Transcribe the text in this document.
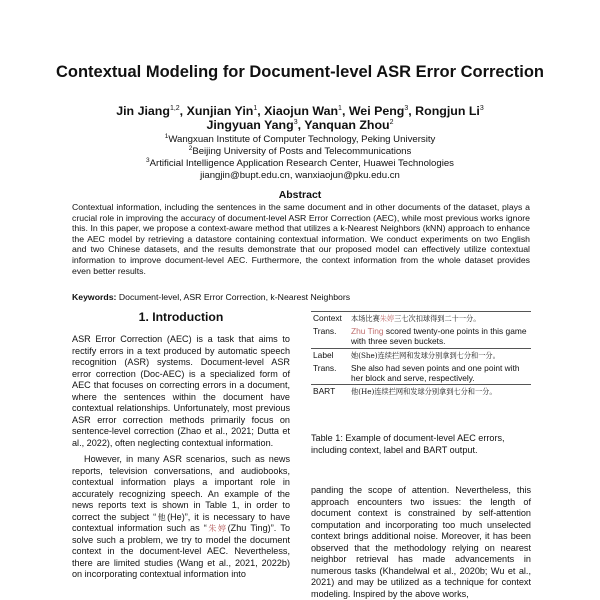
Contextual Modeling for Document-level ASR Error Correction
Jin Jiang$^{1,2}$, Xunjian Yin$^1$, Xiaojun Wan$^1$, Wei Peng$^3$, Rongjun Li$^3$
Jingyuan Yang$^3$, Yanquan Zhou$^2$
$^1$Wangxuan Institute of Computer Technology, Peking University
$^2$Beijing University of Posts and Telecommunications
$^3$Artificial Intelligence Application Research Center, Huawei Technologies
jiangjin@bupt.edu.cn, wanxiaojun@pku.edu.cn
Abstract
Contextual information, including the sentences in the same document and in other documents of the dataset, plays a crucial role in improving the accuracy of document-level ASR Error Correction (AEC), while most previous works ignore this. In this paper, we propose a context-aware method that utilizes a k-Nearest Neighbors (kNN) approach to enhance the AEC model by retrieving a datastore containing contextual information. We conduct experiments on two English and two Chinese datasets, and the results demonstrate that our proposed model can effectively utilize contextual information to improve document-level AEC. Furthermore, the context information from the whole dataset provides even better results.
Keywords: Document-level, ASR Error Correction, k-Nearest Neighbors
1. Introduction

ASR Error Correction (AEC) is a task that aims to rectify errors in a text produced by automatic speech recognition (ASR) systems. Document-level ASR error correction (Doc-AEC) is a specialized form of AEC that focuses on correcting errors in a document, where the sentences within the document have contextual relationships. Unfortunately, most previous ASR error correction methods primarily focus on sentence-level correction (Zhao et al., 2021; Dutta et al., 2022), often neglecting contextual information.

However, in many ASR scenarios, such as news reports, television conversations, and audiobooks, contextual information plays a important role in accurately recognizing speech. An example of the news reports text is shown in Table 1, in order to correct the subject “他(He)”, it is necessary to have contextual information such as “朱婷(Zhu Ting)”. To solve such a problem, we try to model the document context in the document-level AEC. Nevertheless, there are limited studies (Wang et al., 2021, 2022b) on incorporating contextual information into

Context	本场比赛朱婷三七次扣球得到二十一分。
Trans.	Zhu Ting scored twenty-one points in this game with three seven buckets.
Label	她(She)连续拦网和发球分别拿到七分和一分。
Trans.	She also had seven points and one point with her block and serve, respectively.
BART	他(He)连续拦网和发球分别拿到七分和一分。
Table 1: Example of document-level AEC errors, including context, label and BART output.

panding the scope of attention. Nevertheless, this approach encounters two issues: the length of document context is constrained by self-attention computation and incorporating too much unselected context brings additional noise. Moreover, it has been observed that the methodology relying on nearest neighbor retrieval has made advancements in numerous tasks (Khandelwal et al., 2020b; Wu et al., 2021) and may be utilized as a technique for context modeling. Inspired by the above works,
